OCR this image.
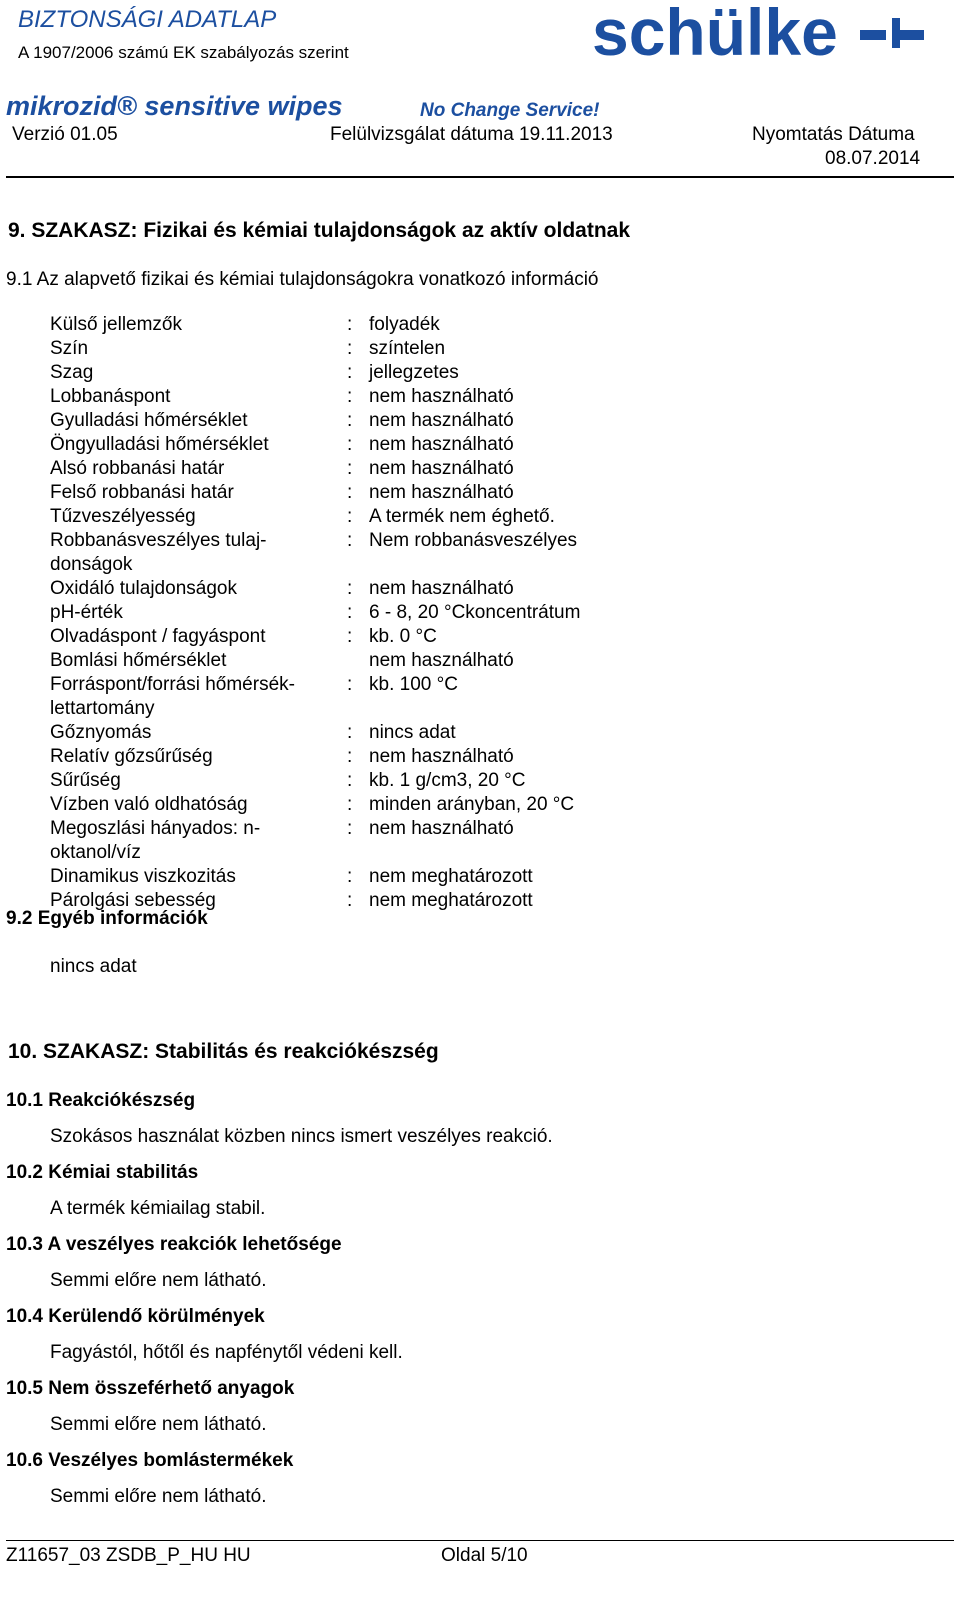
BIZTONSÁGI ADATLAP
A 1907/2006 számú EK szabályozás szerint	schülke
mikrozid® sensitive wipes	No Change Service!
Verzió 01.05	Felülvizsgálat dátuma 19.11.2013	Nyomtatás Dátuma
08.07.2014
9. SZAKASZ: Fizikai és kémiai tulajdonságok az aktív oldatnak
9.1 Az alapvető fizikai és kémiai tulajdonságokra vonatkozó információ
Külső jellemzők	: folyadék
Szín	: színtelen
Szag	: jellegzetes
Lobbanáspont	: nem használható
Gyulladási hőmérséklet	: nem használható
Öngyulladási hőmérséklet	: nem használható
Alsó robbanási határ	: nem használható
Felső robbanási határ	: nem használható
Tűzveszélyesség	: A termék nem éghető.
Robbanásveszélyes tulaj-
donságok
: Nem robbanásveszélyes
Oxidáló tulajdonságok	: nem használható
pH-érték	: 6 - 8, 20 °Ckoncentrátum
Olvadáspont / fagyáspont	: kb. 0 °C
Bomlási hőmérséklet	nem használható
Forráspont/forrási hőmérsék-
lettartomány
: kb. 100 °C
Gőznyomás	: nincs adat
Relatív gőzsűrűség	: nem használható
Sűrűség	: kb. 1 g/cm3, 20 °C
Vízben való oldhatóság	: minden arányban, 20 °C
Megoszlási hányados: n-
oktanol/víz
: nem használható
Dinamikus viszkozitás	: nem meghatározott
Párolgási sebesség	: nem meghatározott
9.2 Egyéb információk
nincs adat
10. SZAKASZ: Stabilitás és reakciókészség
10.1 Reakciókészség
Szokásos használat közben nincs ismert veszélyes reakció.
10.2 Kémiai stabilitás
A termék kémiailag stabil.
10.3 A veszélyes reakciók lehetősége
Semmi előre nem látható.
10.4 Kerülendő körülmények
Fagyástól, hőtől és napfénytől védeni kell.
10.5 Nem összeférhető anyagok
Semmi előre nem látható.
10.6 Veszélyes bomlástermékek
Semmi előre nem látható.
Z11657_03 ZSDB_P_HU HU	Oldal 5/10
